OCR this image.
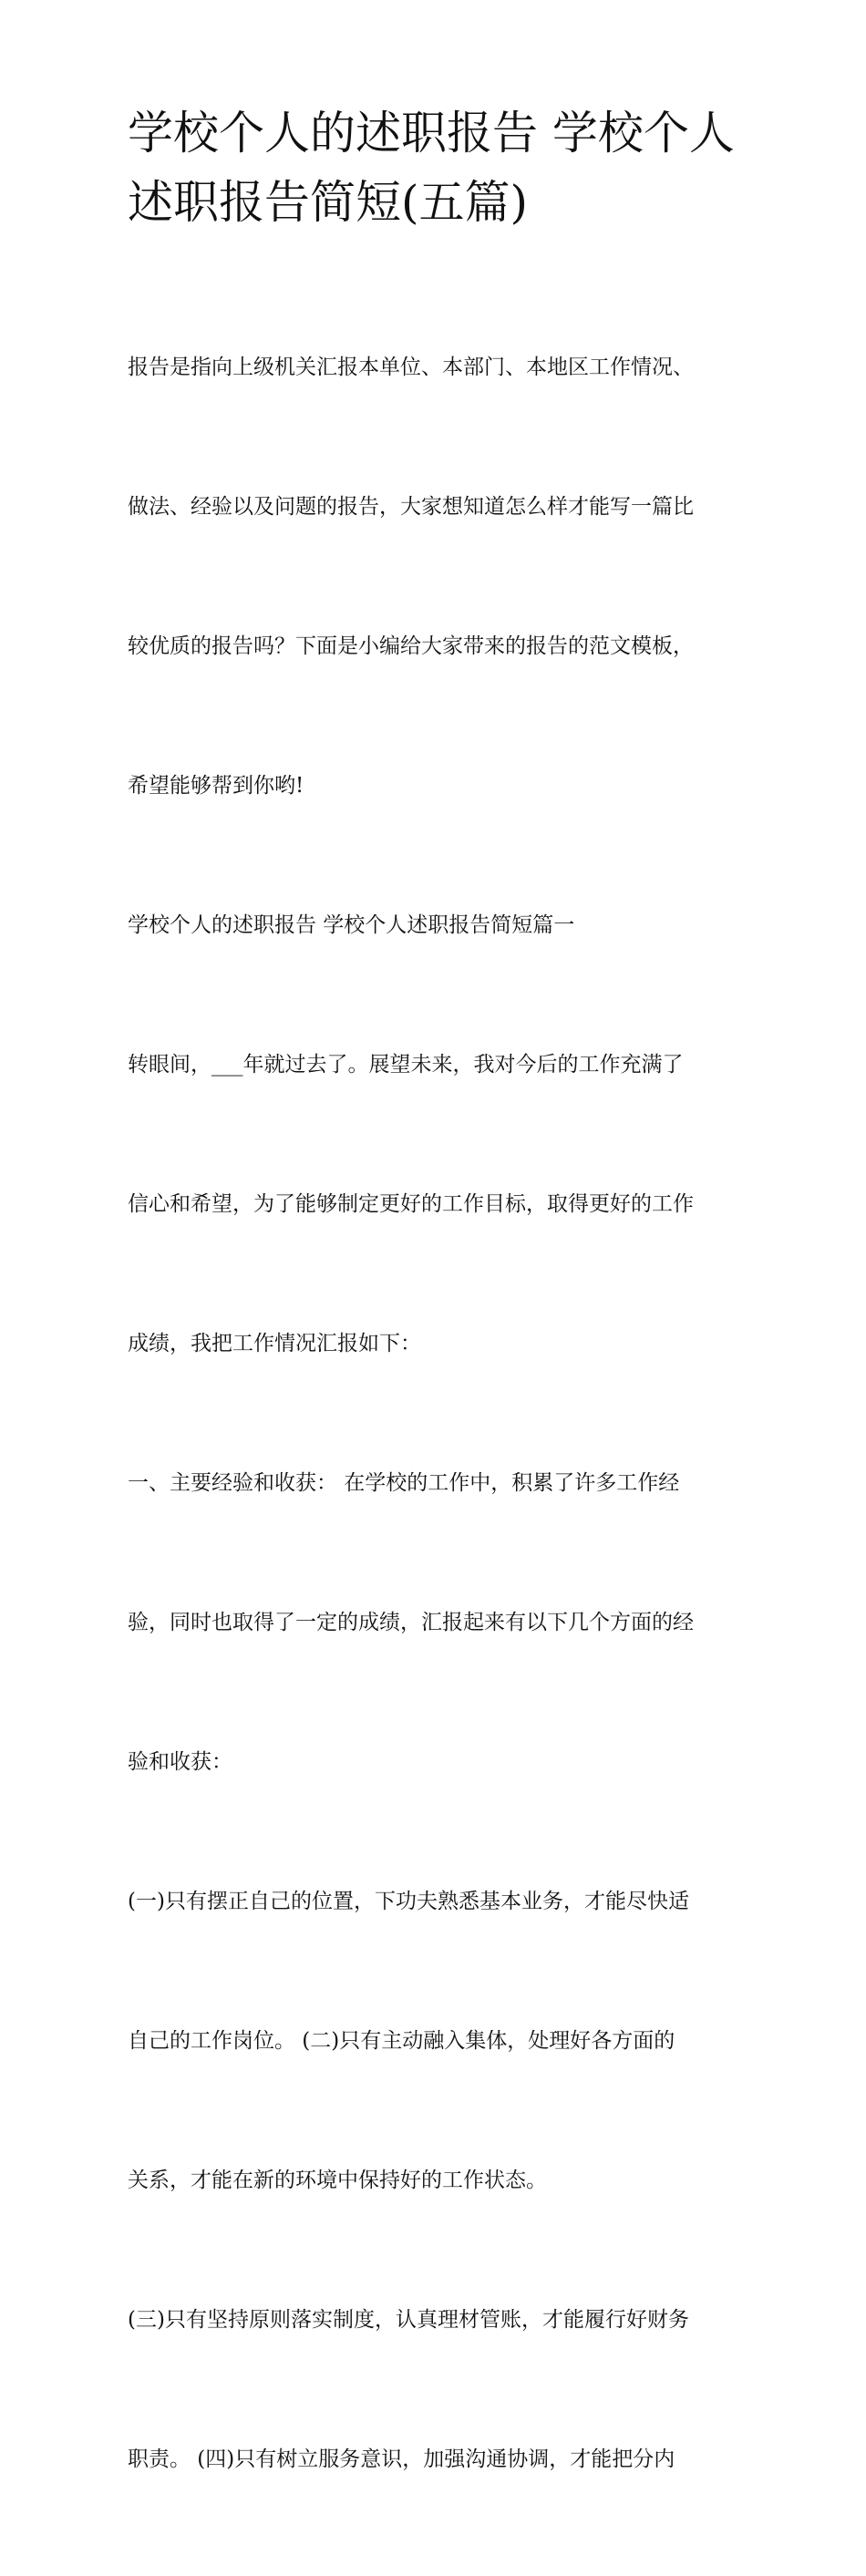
学校个人的述职报告 学校个人
述职报告简短(五篇)

报告是指向上级机关汇报本单位、本部门、本地区工作情况、

做法、经验以及问题的报告，大家想知道怎么样才能写一篇比

较优质的报告吗？下面是小编给大家带来的报告的范文模板，

希望能够帮到你哟!

学校个人的述职报告 学校个人述职报告简短篇一

转眼间，___年就过去了。展望未来，我对今后的工作充满了

信心和希望，为了能够制定更好的工作目标，取得更好的工作

成绩，我把工作情况汇报如下：

一、主要经验和收获： 在学校的工作中，积累了许多工作经

验，同时也取得了一定的成绩，汇报起来有以下几个方面的经

验和收获：

(一)只有摆正自己的位置，下功夫熟悉基本业务，才能尽快适

自己的工作岗位。 (二)只有主动融入集体，处理好各方面的

关系，才能在新的环境中保持好的工作状态。

(三)只有坚持原则落实制度，认真理材管账，才能履行好财务

职责。 (四)只有树立服务意识，加强沟通协调，才能把分内
